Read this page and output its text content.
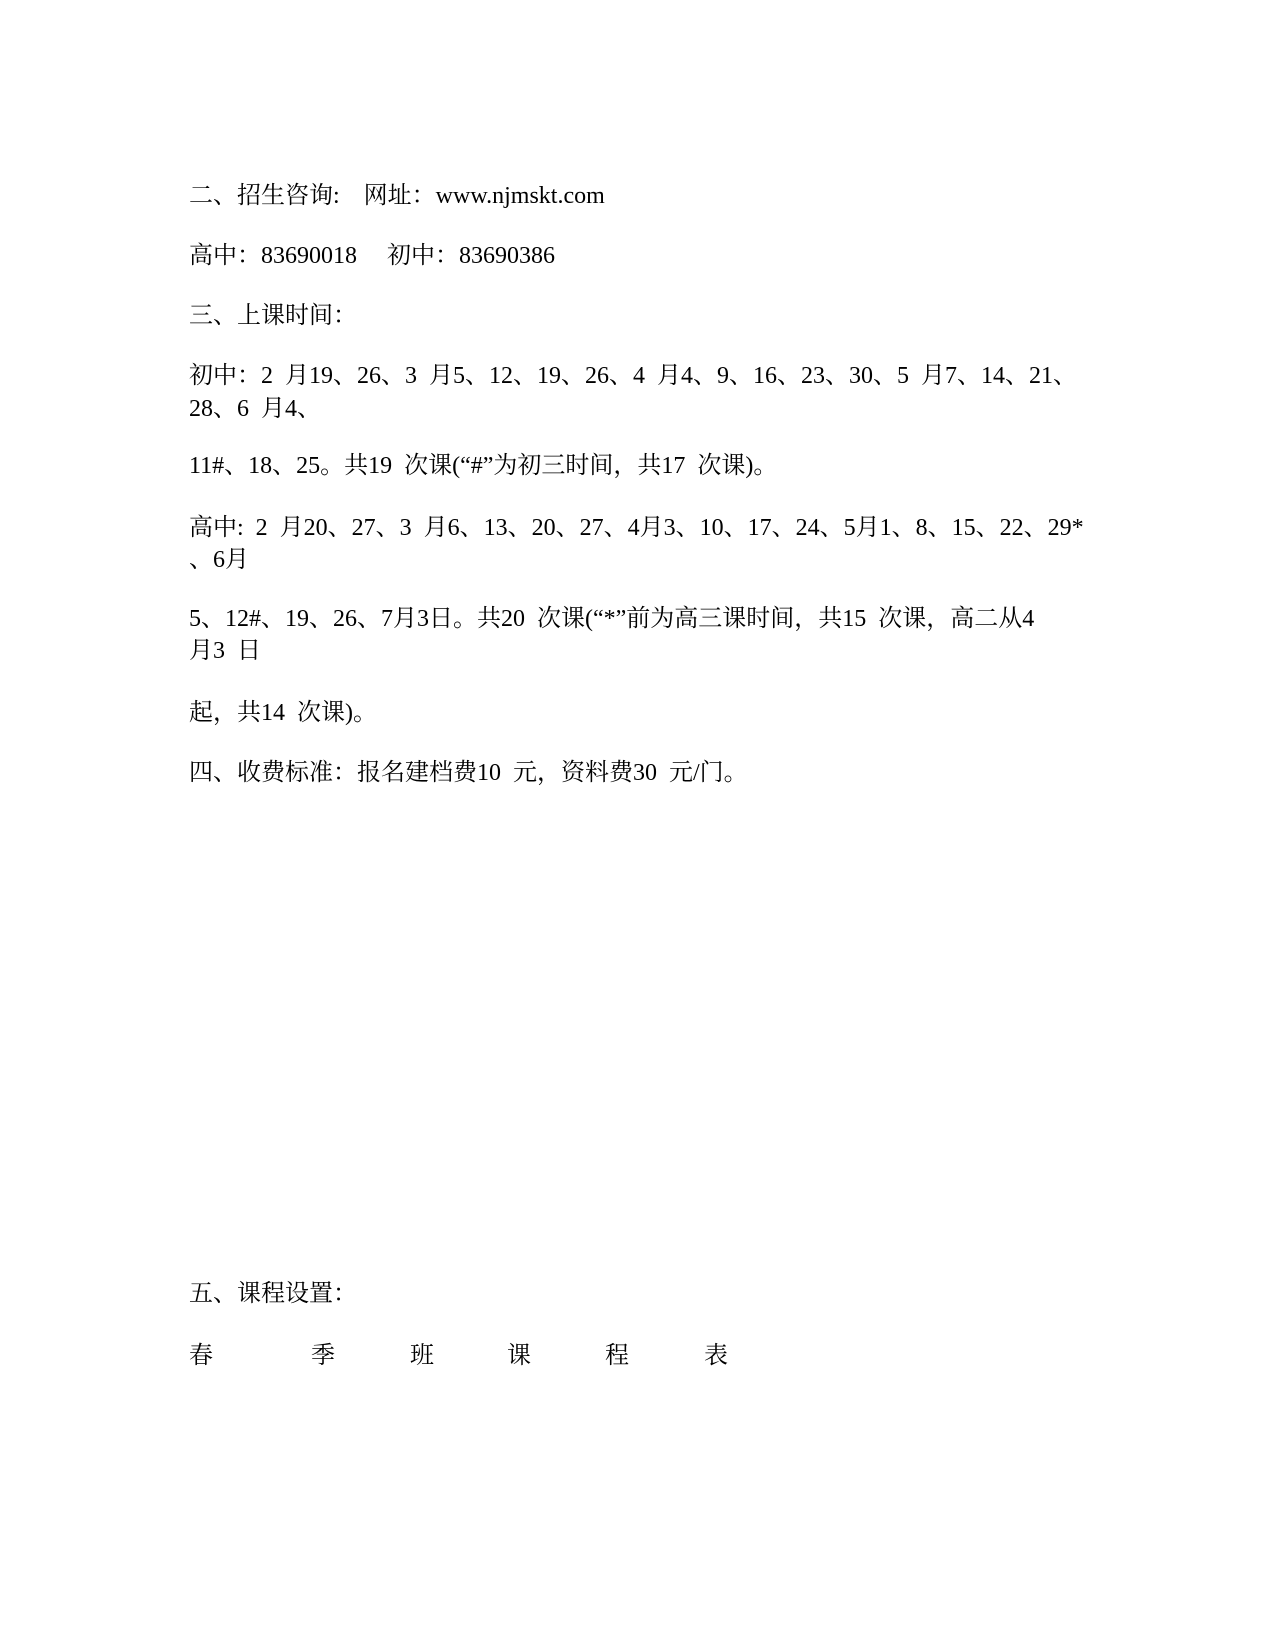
二、招生咨询:    网址：www.njmskt.com

高中：83690018     初中：83690386

三、上课时间：

初中：2  月19、26、3  月5、12、19、26、4  月4、9、16、23、30、5  月7、14、21、

28、6  月4、

11#、18、25。共19  次课(“#”为初三时间，共17  次课)。

高中:  2  月20、27、3  月6、13、20、27、4月3、10、17、24、5月1、8、15、22、29*

、6月

5、12#、19、26、7月3日。共20  次课(“*”前为高三课时间，共15  次课，高二从4

月3  日

起，共14  次课)。

四、收费标准：报名建档费10  元，资料费30  元/门。

五、课程设置：

春	季	班	课	程	表
